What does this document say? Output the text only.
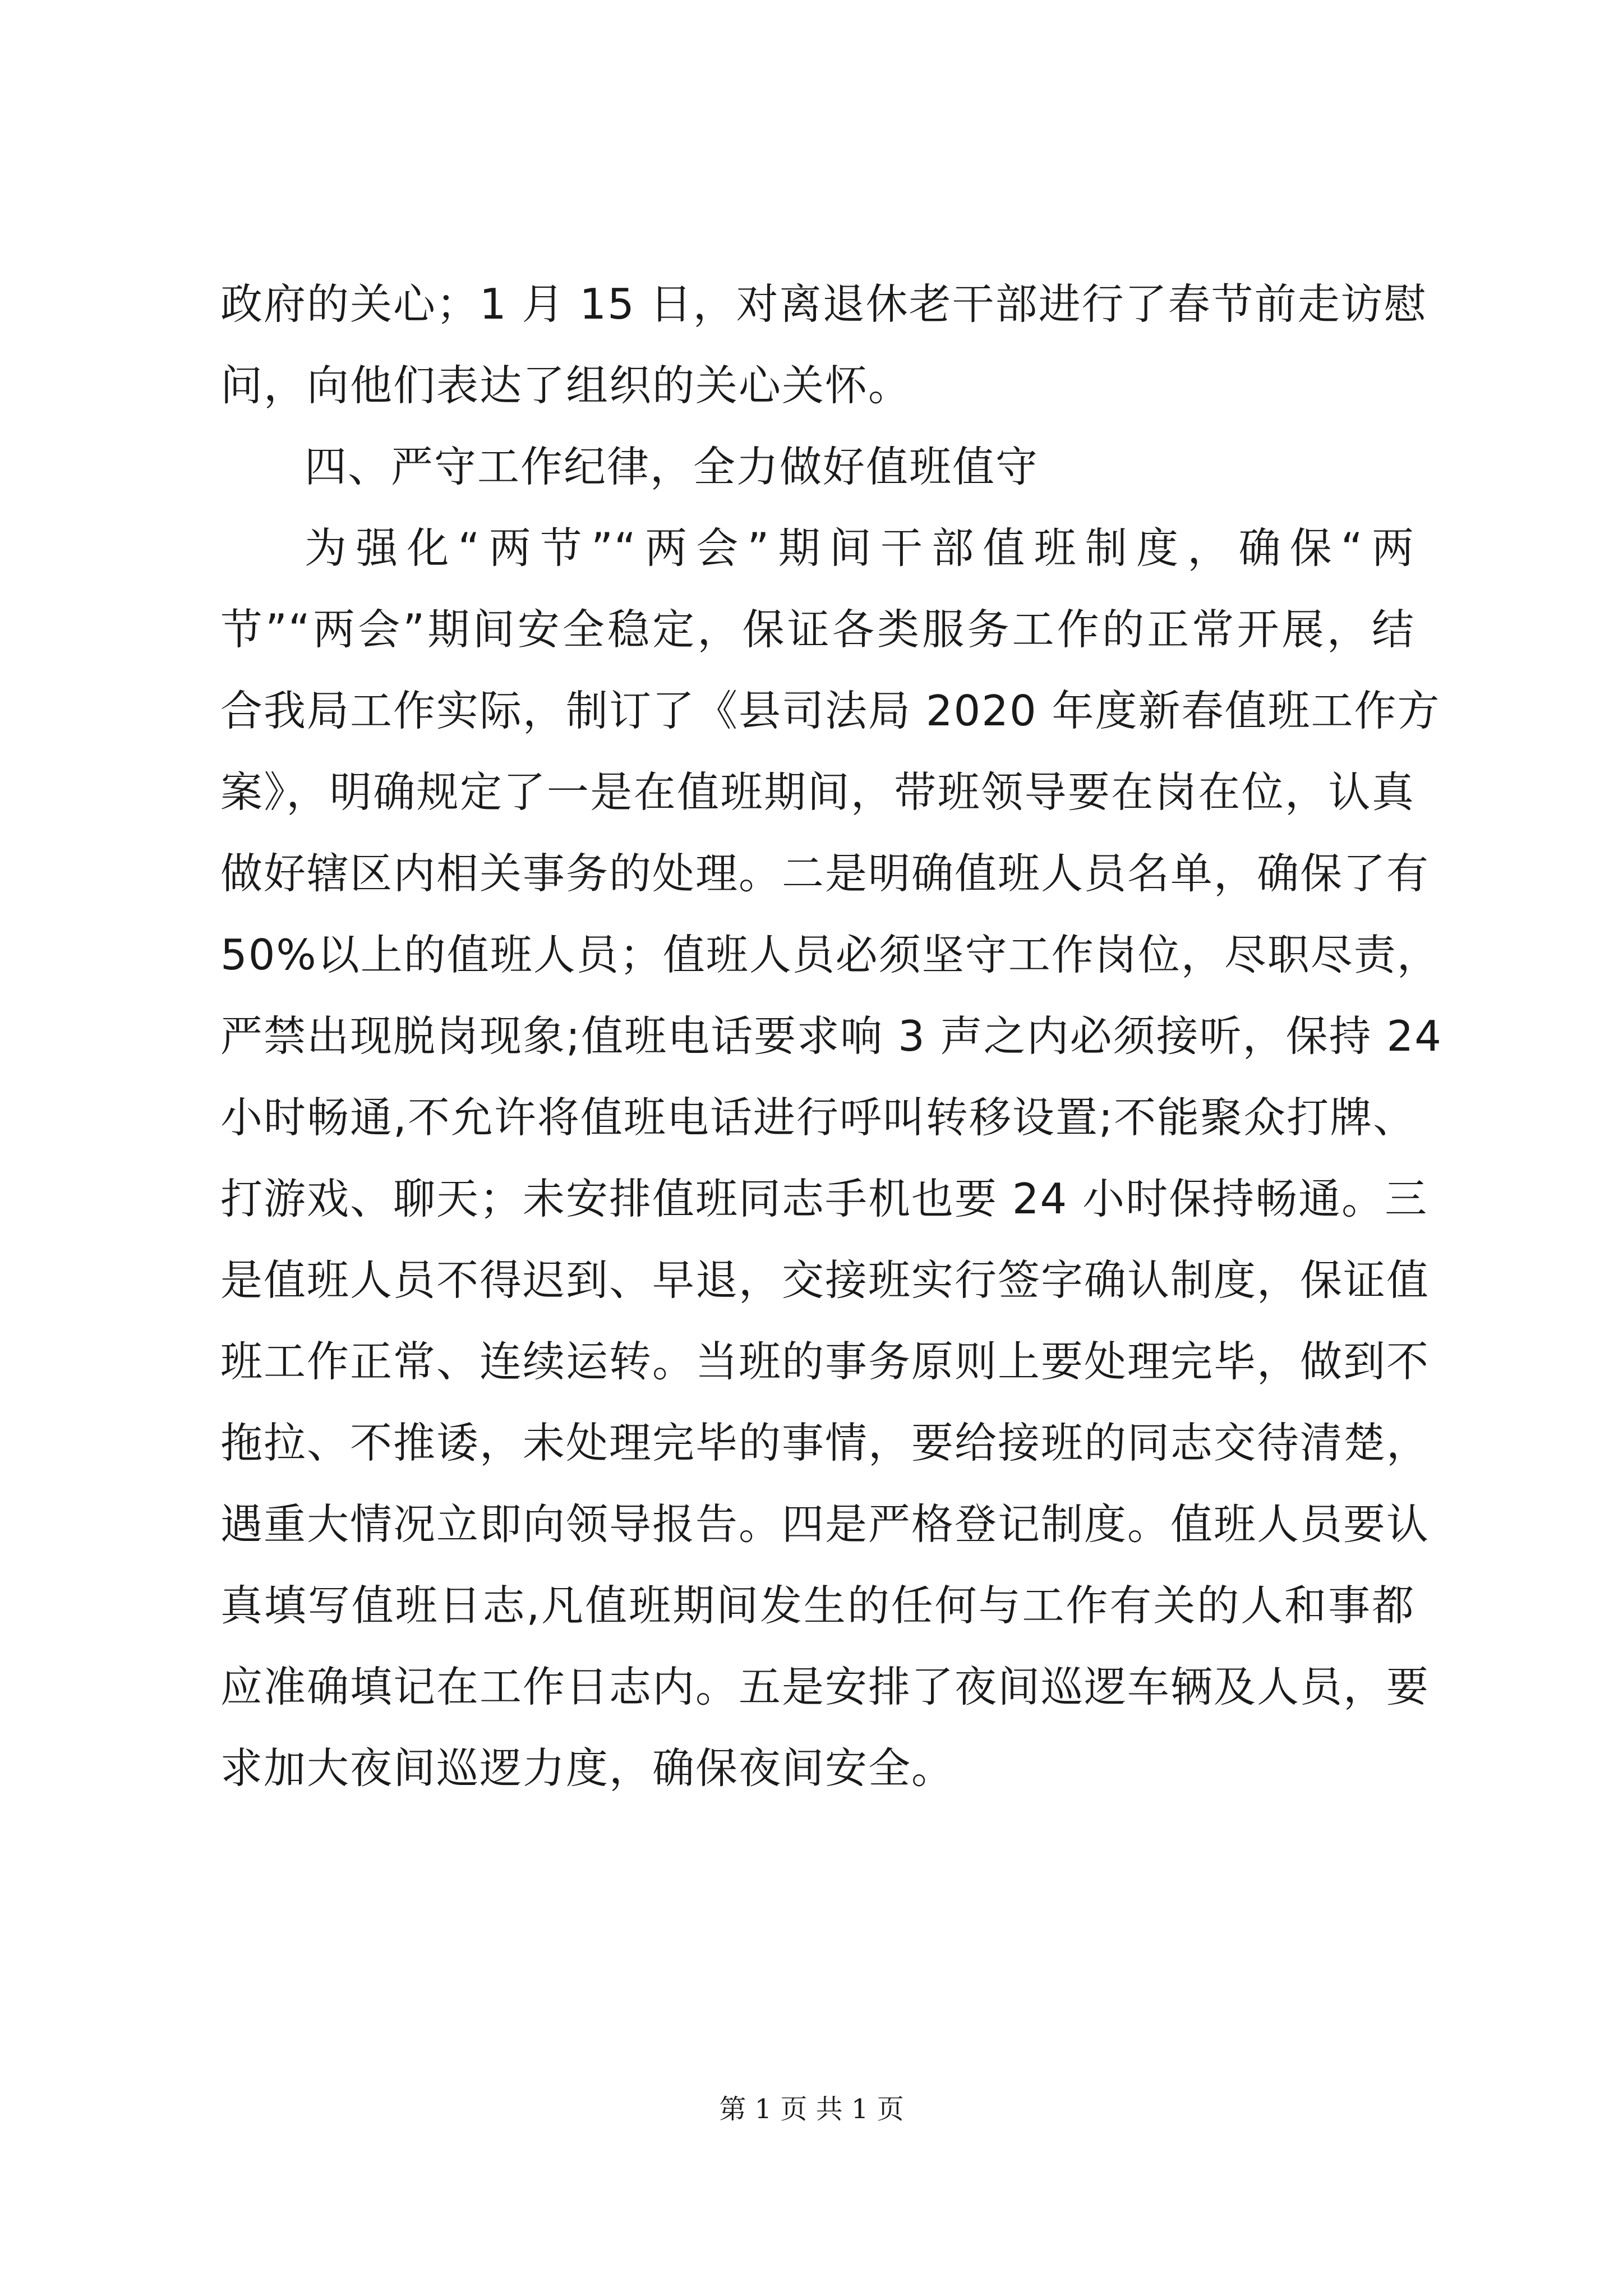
政府的关心；1 月 15 日，对离退休老干部进行了春节前走访慰
问，向他们表达了组织的关心关怀。
四、严守工作纪律，全力做好值班值守
为强化“两节”“两会”期间干部值班制度，确保“两
节”“两会”期间安全稳定，保证各类服务工作的正常开展，结
合我局工作实际，制订了《县司法局 2020 年度新春值班工作方
案》，明确规定了一是在值班期间，带班领导要在岗在位，认真
做好辖区内相关事务的处理。二是明确值班人员名单，确保了有
50%以上的值班人员；值班人员必须坚守工作岗位，尽职尽责，
严禁出现脱岗现象;值班电话要求响 3 声之内必须接听，保持 24
小时畅通,不允许将值班电话进行呼叫转移设置;不能聚众打牌、
打游戏、聊天；未安排值班同志手机也要 24 小时保持畅通。三
是值班人员不得迟到、早退，交接班实行签字确认制度，保证值
班工作正常、连续运转。当班的事务原则上要处理完毕，做到不
拖拉、不推诿，未处理完毕的事情，要给接班的同志交待清楚，
遇重大情况立即向领导报告。四是严格登记制度。值班人员要认
真填写值班日志,凡值班期间发生的任何与工作有关的人和事都
应准确填记在工作日志内。五是安排了夜间巡逻车辆及人员，要
求加大夜间巡逻力度，确保夜间安全。
第 1 页 共 1 页
